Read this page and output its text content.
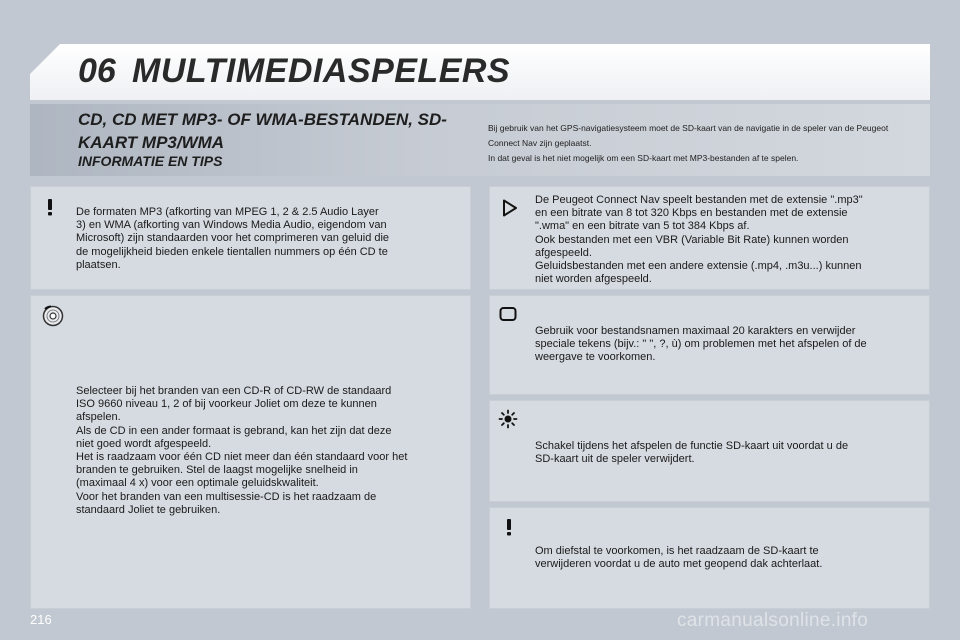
06 MULTIMEDIASPELERS
CD, CD MET MP3- OF WMA-BESTANDEN, SD-KAART MP3/WMA
INFORMATIE EN TIPS
Bij gebruik van het GPS-navigatiesysteem moet de SD-kaart van de navigatie in de speler van de Peugeot Connect Nav zijn geplaatst.
In dat geval is het niet mogelijk om een SD-kaart met MP3-bestanden af te spelen.
De formaten MP3 (afkorting van MPEG 1, 2 & 2.5 Audio Layer
3) en WMA (afkorting van Windows Media Audio, eigendom van
Microsoft) zijn standaarden voor het comprimeren van geluid die
de mogelijkheid bieden enkele tientallen nummers op één CD te
plaatsen.
Selecteer bij het branden van een CD-R of CD-RW de standaard
ISO 9660 niveau 1, 2 of bij voorkeur Joliet om deze te kunnen
afspelen.
Als de CD in een ander formaat is gebrand, kan het zijn dat deze
niet goed wordt afgespeeld.
Het is raadzaam voor één CD niet meer dan één standaard voor het
branden te gebruiken. Stel de laagst mogelijke snelheid in
(maximaal 4 x) voor een optimale geluidskwaliteit.
Voor het branden van een multisessie-CD is het raadzaam de
standaard Joliet te gebruiken.
De Peugeot Connect Nav speelt bestanden met de extensie ".mp3"
en een bitrate van 8 tot 320 Kbps en bestanden met de extensie
".wma" en een bitrate van 5 tot 384 Kbps af.
Ook bestanden met een VBR (Variable Bit Rate) kunnen worden
afgespeeld.
Geluidsbestanden met een andere extensie (.mp4, .m3u...) kunnen
niet worden afgespeeld.
Gebruik voor bestandsnamen maximaal 20 karakters en verwijder
speciale tekens (bijv.: " ", ?, ù) om problemen met het afspelen of de
weergave te voorkomen.
Schakel tijdens het afspelen de functie SD-kaart uit voordat u de
SD-kaart uit de speler verwijdert.
Om diefstal te voorkomen, is het raadzaam de SD-kaart te
verwijderen voordat u de auto met geopend dak achterlaat.
216	carmanualsonline.info
